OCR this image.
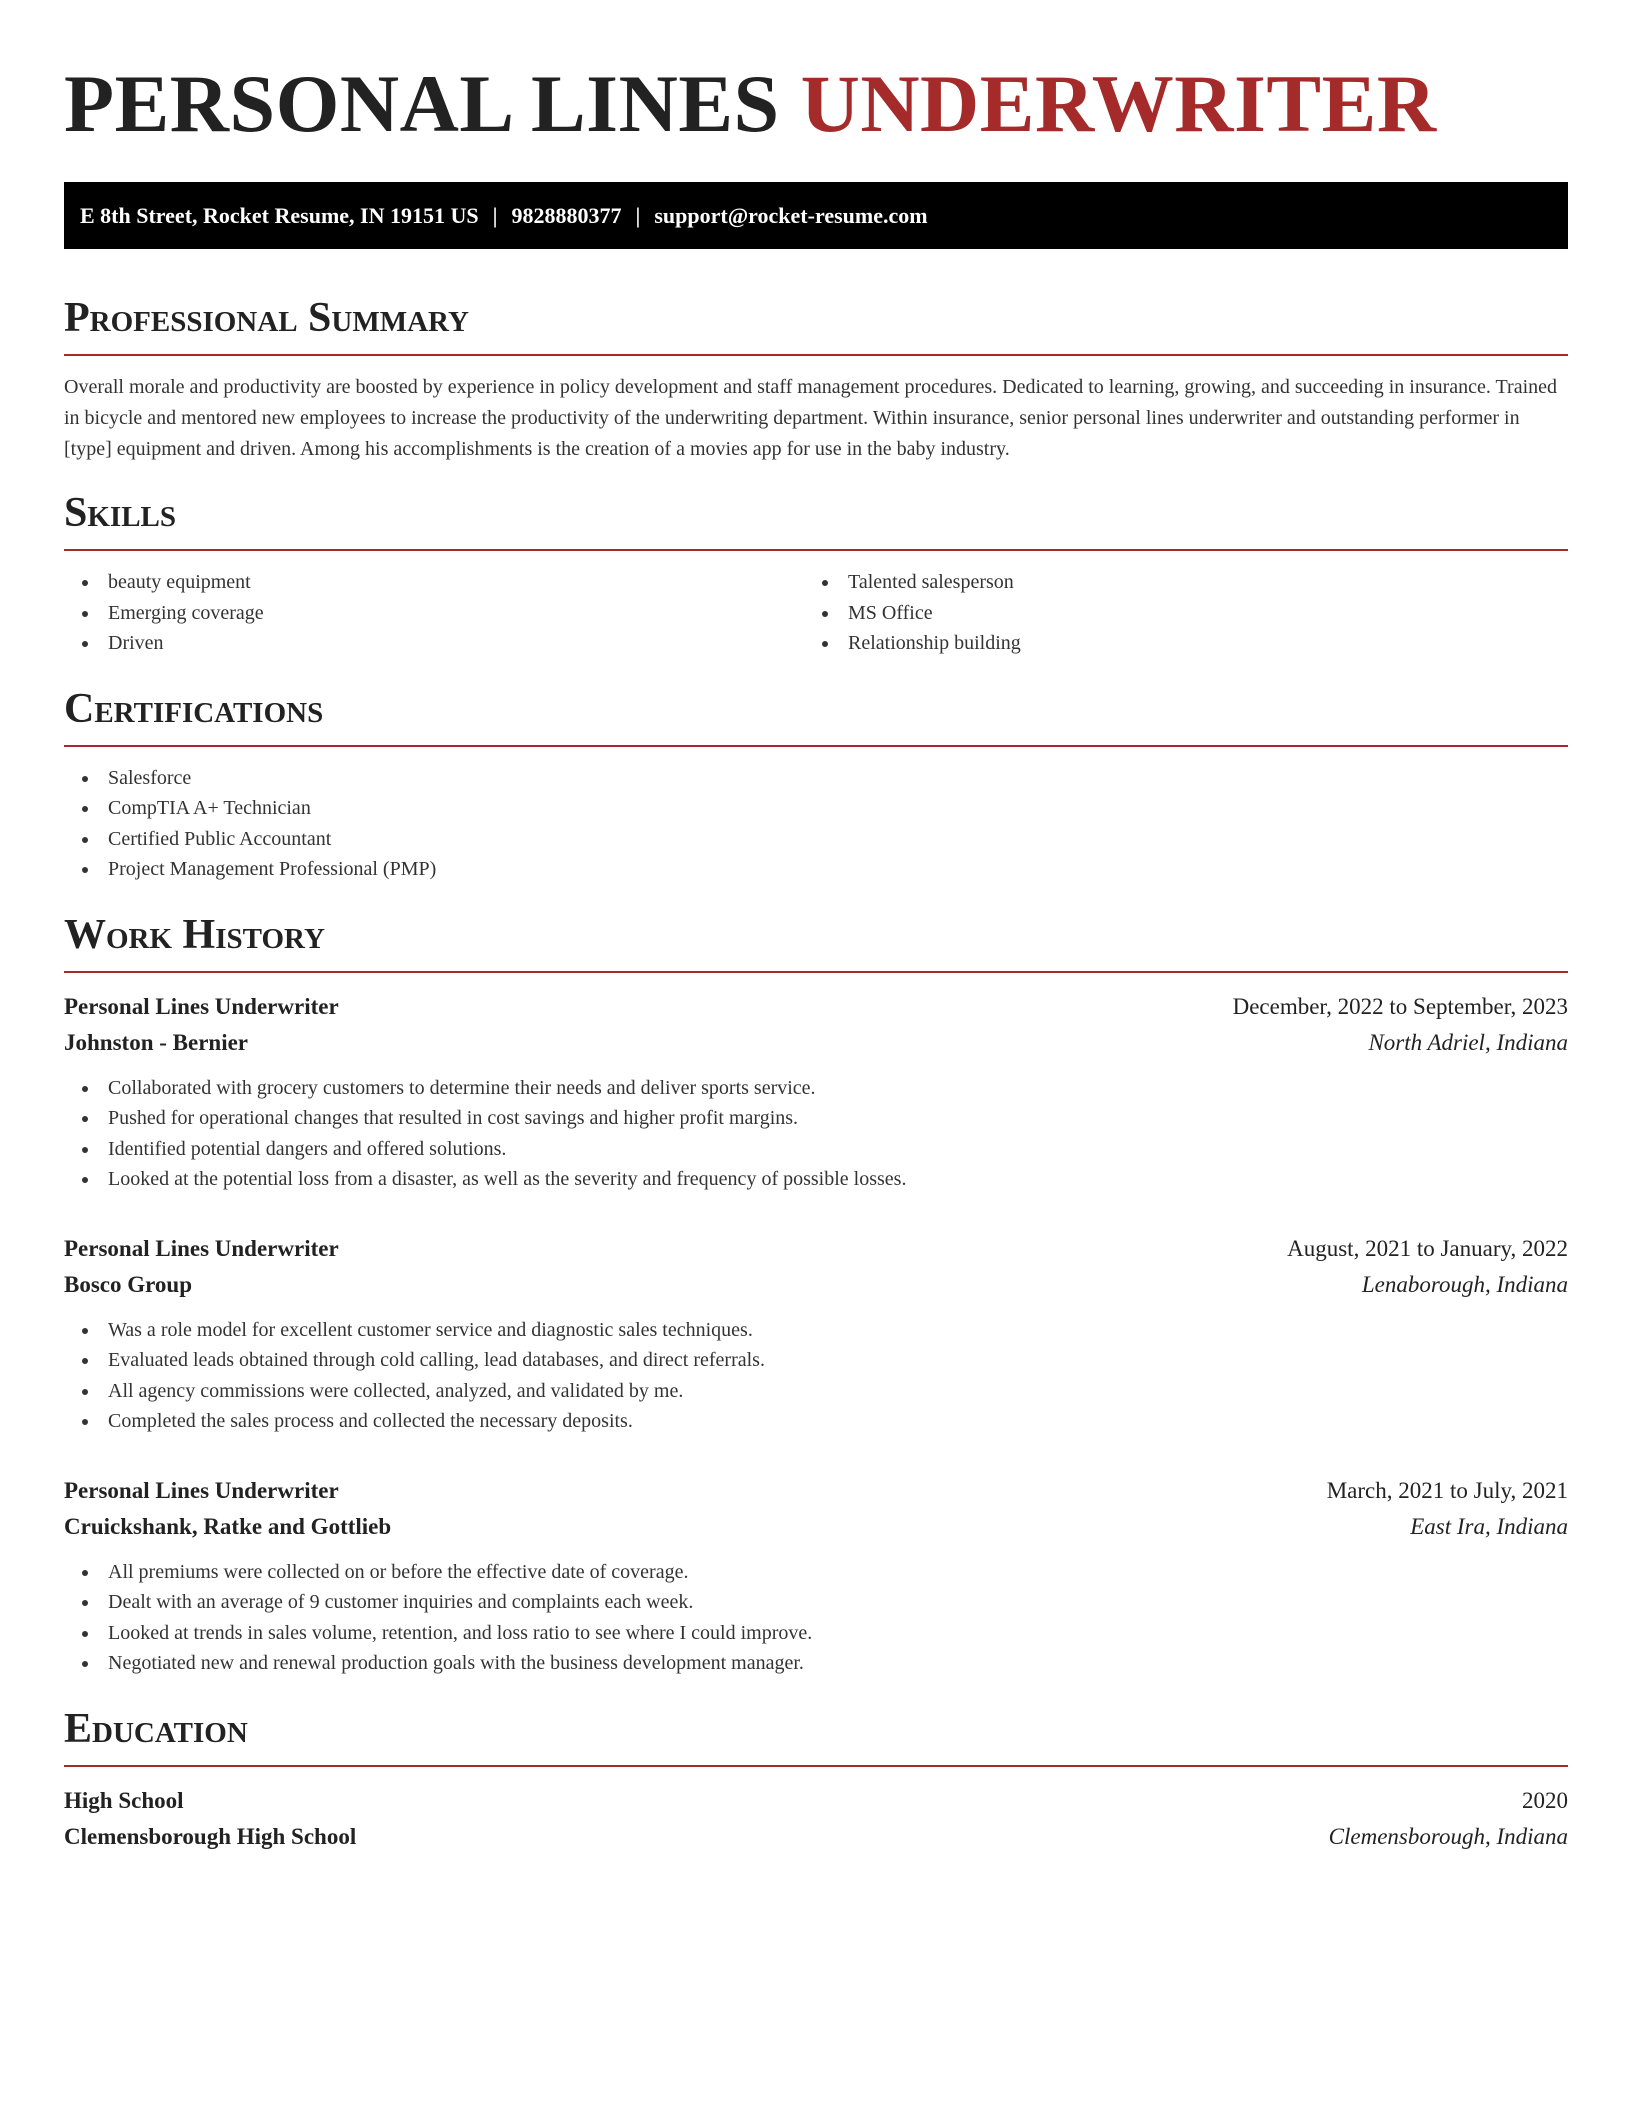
PERSONAL LINES UNDERWRITER
E 8th Street, Rocket Resume, IN 19151 US | 9828880377 | support@rocket-resume.com
Professional Summary

Overall morale and productivity are boosted by experience in policy development and staff management procedures. Dedicated to learning, growing, and succeeding in insurance. Trained in bicycle and mentored new employees to increase the productivity of the underwriting department. Within insurance, senior personal lines underwriter and outstanding performer in [type] equipment and driven. Among his accomplishments is the creation of a movies app for use in the baby industry.

Skills
beauty equipment
Emerging coverage
Driven
Talented salesperson
MS Office
Relationship building
Certifications
Salesforce
CompTIA A+ Technician
Certified Public Accountant
Project Management Professional (PMP)
Work History
Personal Lines Underwriter	December, 2022 to September, 2023
Johnston - Bernier	North Adriel, Indiana
Collaborated with grocery customers to determine their needs and deliver sports service.
Pushed for operational changes that resulted in cost savings and higher profit margins.
Identified potential dangers and offered solutions.
Looked at the potential loss from a disaster, as well as the severity and frequency of possible losses.
Personal Lines Underwriter	August, 2021 to January, 2022
Bosco Group	Lenaborough, Indiana
Was a role model for excellent customer service and diagnostic sales techniques.
Evaluated leads obtained through cold calling, lead databases, and direct referrals.
All agency commissions were collected, analyzed, and validated by me.
Completed the sales process and collected the necessary deposits.
Personal Lines Underwriter	March, 2021 to July, 2021
Cruickshank, Ratke and Gottlieb	East Ira, Indiana
All premiums were collected on or before the effective date of coverage.
Dealt with an average of 9 customer inquiries and complaints each week.
Looked at trends in sales volume, retention, and loss ratio to see where I could improve.
Negotiated new and renewal production goals with the business development manager.
Education
High School	2020
Clemensborough High School	Clemensborough, Indiana
